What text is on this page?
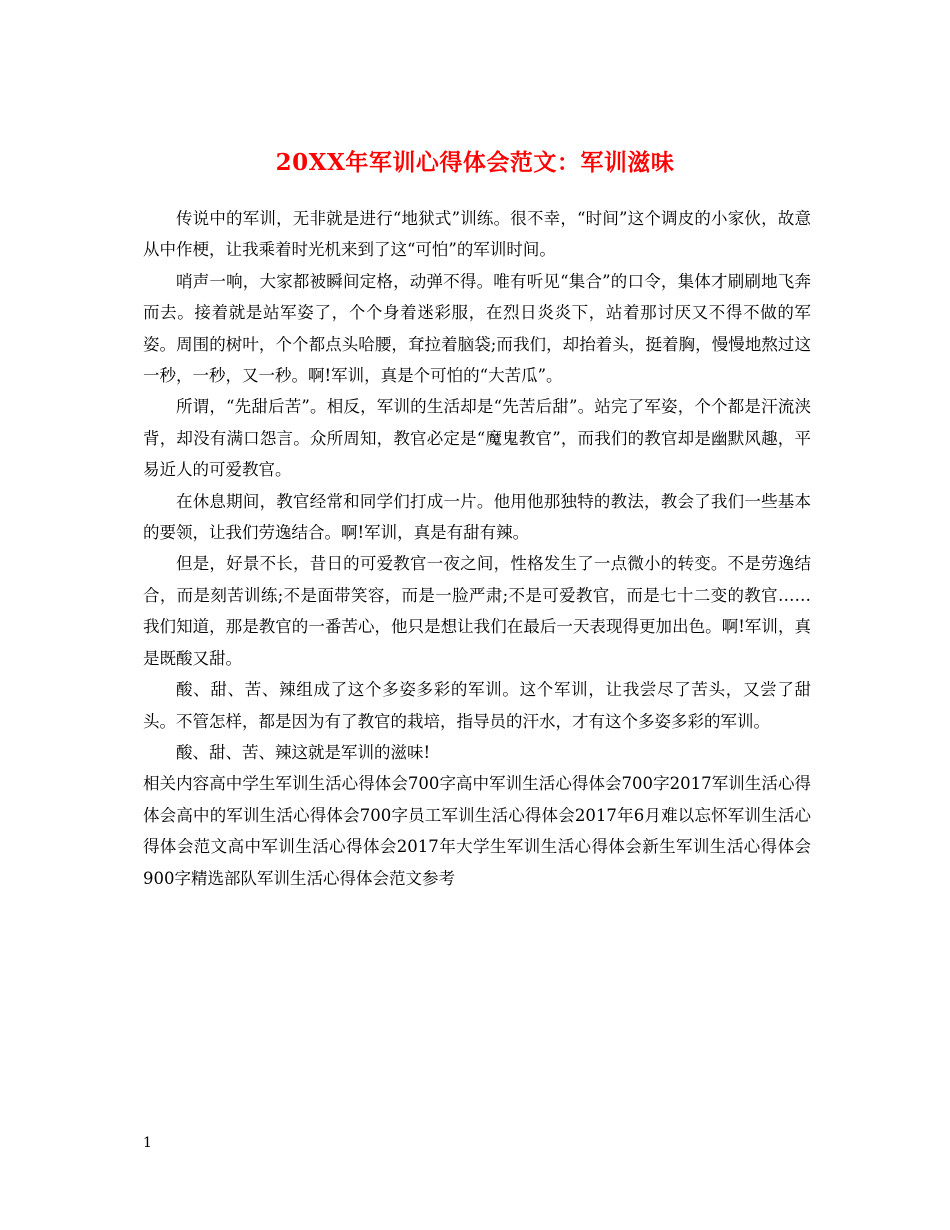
20XX年军训心得体会范文：军训滋味

传说中的军训，无非就是进行“地狱式”训练。很不幸，“时间”这个调皮的小家伙，故意从中作梗，让我乘着时光机来到了这“可怕”的军训时间。

哨声一响，大家都被瞬间定格，动弹不得。唯有听见“集合”的口令，集体才刷刷地飞奔而去。接着就是站军姿了，个个身着迷彩服，在烈日炎炎下，站着那讨厌又不得不做的军姿。周围的树叶，个个都点头哈腰，耷拉着脑袋;而我们，却抬着头，挺着胸，慢慢地熬过这一秒，一秒，又一秒。啊!军训，真是个可怕的“大苦瓜”。

所谓，“先甜后苦”。相反，军训的生活却是“先苦后甜”。站完了军姿，个个都是汗流浃背，却没有满口怨言。众所周知，教官必定是“魔鬼教官”，而我们的教官却是幽默风趣，平易近人的可爱教官。

在休息期间，教官经常和同学们打成一片。他用他那独特的教法，教会了我们一些基本的要领，让我们劳逸结合。啊!军训，真是有甜有辣。

但是，好景不长，昔日的可爱教官一夜之间，性格发生了一点微小的转变。不是劳逸结合，而是刻苦训练;不是面带笑容，而是一脸严肃;不是可爱教官，而是七十二变的教官……我们知道，那是教官的一番苦心，他只是想让我们在最后一天表现得更加出色。啊!军训，真是既酸又甜。

酸、甜、苦、辣组成了这个多姿多彩的军训。这个军训，让我尝尽了苦头，又尝了甜头。不管怎样，都是因为有了教官的栽培，指导员的汗水，才有这个多姿多彩的军训。

酸、甜、苦、辣这就是军训的滋味!

相关内容高中学生军训生活心得体会700字高中军训生活心得体会700字2017军训生活心得体会高中的军训生活心得体会700字员工军训生活心得体会2017年6月难以忘怀军训生活心得体会范文高中军训生活心得体会2017年大学生军训生活心得体会新生军训生活心得体会900字精选部队军训生活心得体会范文参考

1
